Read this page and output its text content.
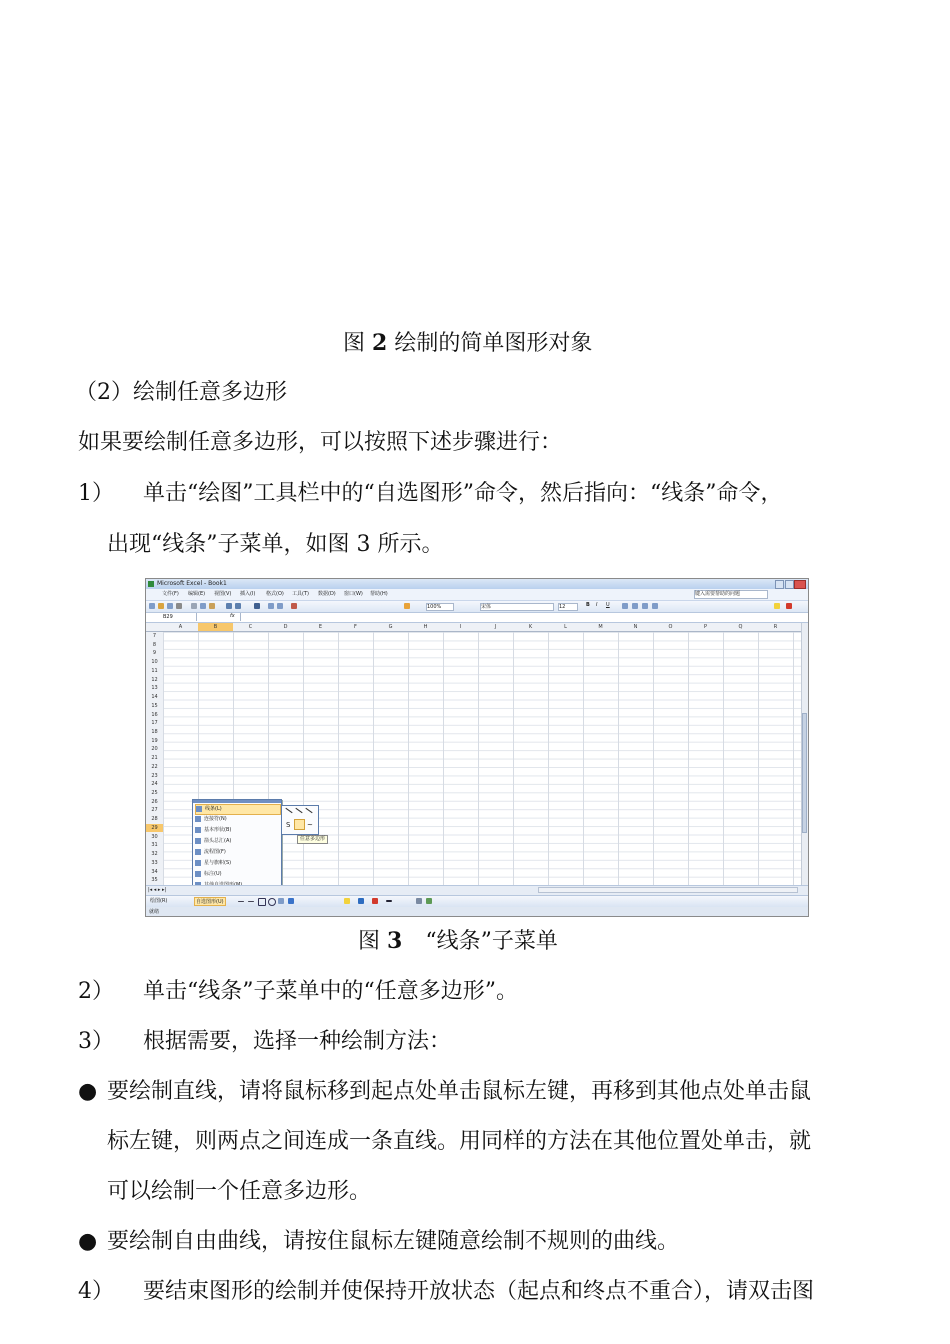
图 2 绘制的简单图形对象
（2）绘制任意多边形
如果要绘制任意多边形，可以按照下述步骤进行：
1） 单击“绘图”工具栏中的“自选图形”命令，然后指向：“线条”命令，
出现“线条”子菜单，如图 3 所示。
Microsoft Excel - Book1
文件(F) 编辑(E) 视图(V) 插入(I) 格式(O) 工具(T) 数据(D) 窗口(W) 帮助(H)	键入需要帮助的问题
100%	宋体	12	B I U
B29	fx
A	B	C	D	E	F	G	H	I	J	K	L	M	N	O	P	Q	R
7
8
9
10
11
12
13
14
15
16
17
18
19
20
21
22
23
24
25
26
27
28
29
30
31
32
33
34
35
线条(L)
连接符(N)
基本形状(B)
箭头总汇(A)
流程图(F)
星与旗帜(S)
标注(U)
S ~
任意多边形
|◂ ◂ ▸ ▸|
绘图(R)	自选图形(U)
就绪
图 3 “线条”子菜单
2） 单击“线条”子菜单中的“任意多边形”。
3） 根据需要，选择一种绘制方法：
● 要绘制直线，请将鼠标移到起点处单击鼠标左键，再移到其他点处单击鼠
标左键，则两点之间连成一条直线。用同样的方法在其他位置处单击，就
可以绘制一个任意多边形。
● 要绘制自由曲线，请按住鼠标左键随意绘制不规则的曲线。
4） 要结束图形的绘制并使保持开放状态（起点和终点不重合），请双击图
